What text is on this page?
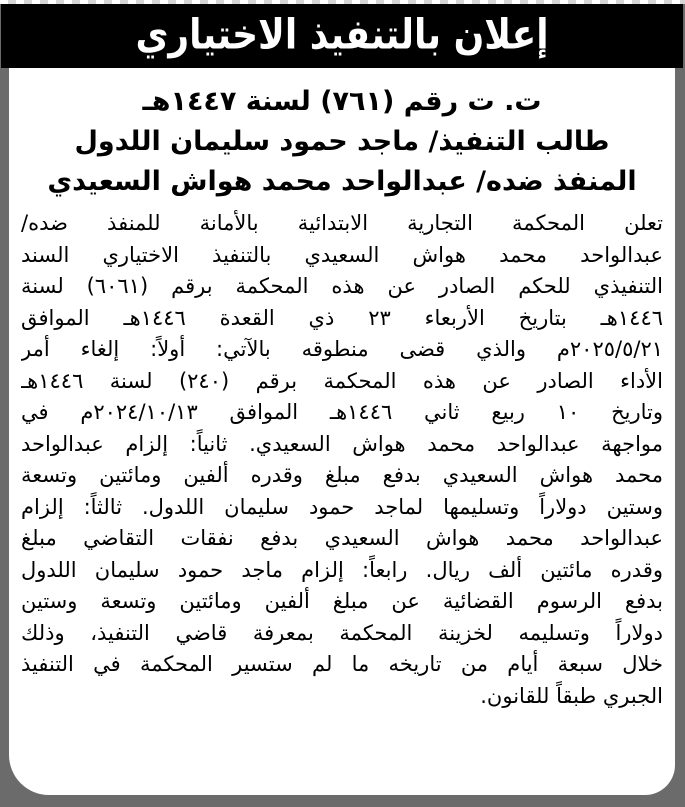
إعلان بالتنفيذ الاختياري
ت. ت رقم (٧٦١) لسنة ١٤٤٧هـ
طالب التنفيذ/ ماجد حمود سليمان اللدول
المنفذ ضده/ عبدالواحد محمد هواش السعيدي
تعلن المحكمة التجارية الابتدائية بالأمانة للمنفذ ضده/
عبدالواحد محمد هواش السعيدي بالتنفيذ الاختياري السند
التنفيذي للحكم الصادر عن هذه المحكمة برقم (٦٠٦١) لسنة
١٤٤٦هـ بتاريخ الأربعاء ٢٣ ذي القعدة ١٤٤٦هـ الموافق
٢٠٢٥/٥/٢١م والذي قضى منطوقه بالآتي: أولاً: إلغاء أمر
الأداء الصادر عن هذه المحكمة برقم (٢٤٠) لسنة ١٤٤٦هـ
وتاريخ ١٠ ربيع ثاني ١٤٤٦هـ الموافق ٢٠٢٤/١٠/١٣م في
مواجهة عبدالواحد محمد هواش السعيدي. ثانياً: إلزام عبدالواحد
محمد هواش السعيدي بدفع مبلغ وقدره ألفين ومائتين وتسعة
وستين دولاراً وتسليمها لماجد حمود سليمان اللدول. ثالثاً: إلزام
عبدالواحد محمد هواش السعيدي بدفع نفقات التقاضي مبلغ
وقدره مائتين ألف ريال. رابعاً: إلزام ماجد حمود سليمان اللدول
بدفع الرسوم القضائية عن مبلغ ألفين ومائتين وتسعة وستين
دولاراً وتسليمه لخزينة المحكمة بمعرفة قاضي التنفيذ، وذلك
خلال سبعة أيام من تاريخه ما لم ستسير المحكمة في التنفيذ
الجبري طبقاً للقانون.
